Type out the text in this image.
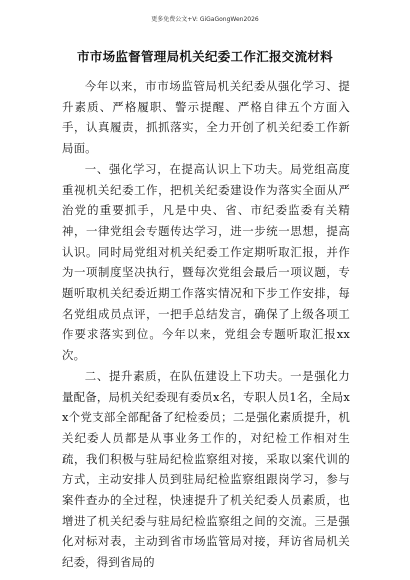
更多免费公文+V: GiGaGongWen2026
市市场监督管理局机关纪委工作汇报交流材料

今年以来，市市场监管局机关纪委从强化学习、提升素质、严格履职、警示提醒、严格自律五个方面入手，认真履责，抓抓落实，全力开创了机关纪委工作新局面。

一、强化学习，在提高认识上下功夫。局党组高度重视机关纪委工作，把机关纪委建设作为落实全面从严治党的重要抓手，凡是中央、省、市纪委监委有关精神，一律党组会专题传达学习，进一步统一思想，提高认识。同时局党组对机关纪委工作定期听取汇报，并作为一项制度坚决执行，暨每次党组会最后一项议题，专题听取机关纪委近期工作落实情况和下步工作安排，每名党组成员点评，一把手总结发言，确保了上级各项工作要求落实到位。今年以来，党组会专题听取汇报xx次。

二、提升素质，在队伍建设上下功夫。一是强化力量配备，局机关纪委现有委员x名，专职人员1名，全局xx个党支部全部配备了纪检委员；二是强化素质提升，机关纪委人员都是从事业务工作的，对纪检工作相对生疏，我们积极与驻局纪检监察组对接，采取以案代训的方式，主动安排人员到驻局纪检监察组跟岗学习，参与案件查办的全过程，快速提升了机关纪委人员素质，也增进了机关纪委与驻局纪检监察组之间的交流。三是强化对标对表，主动到省市场监管局对接，拜访省局机关纪委，得到省局的
